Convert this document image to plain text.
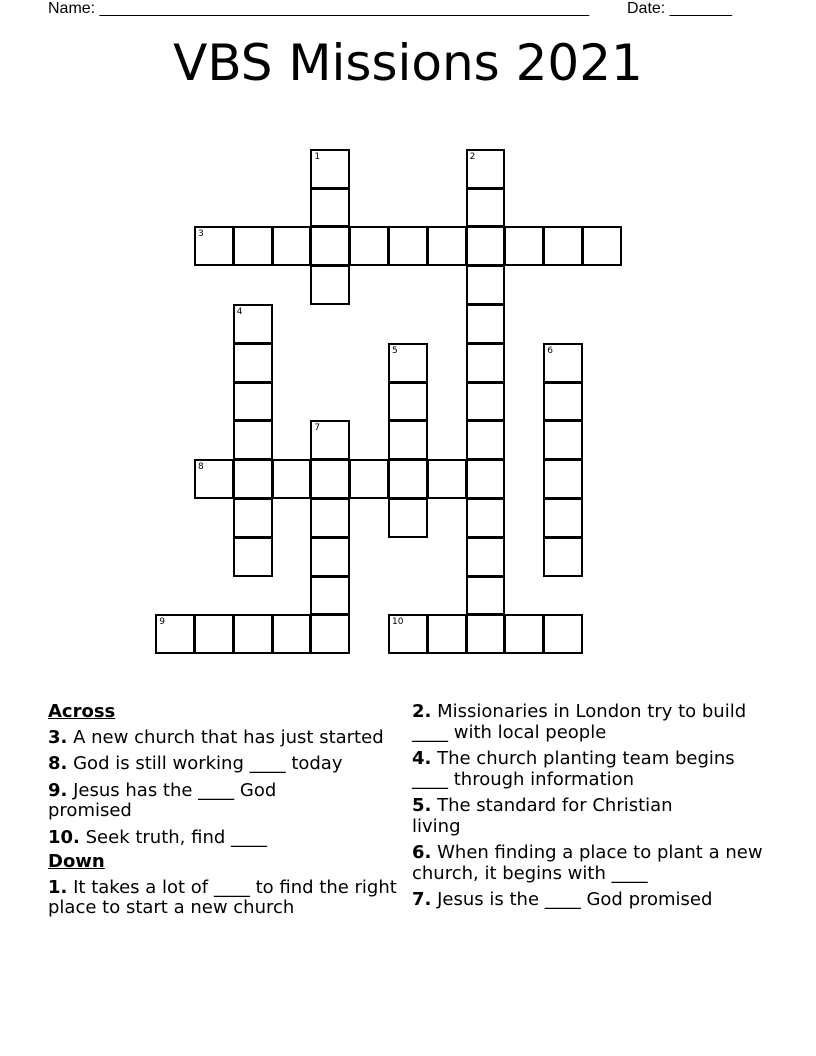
Name: _______________________________________________________ Date: _______
VBS Missions 2021
1	2
3
4
5	6
7
8
9	10
Across
3. A new church that has just started
8. God is still working ____ today
9. Jesus has the ____ God promised
10. Seek truth, find ____
Down
1. It takes a lot of ____ to find the right place to start a new church
2. Missionaries in London try to build ____ with local people
4. The church planting team begins ____ through information
5. The standard for Christian living
6. When finding a place to plant a new church, it begins with ____
7. Jesus is the ____ God promised
